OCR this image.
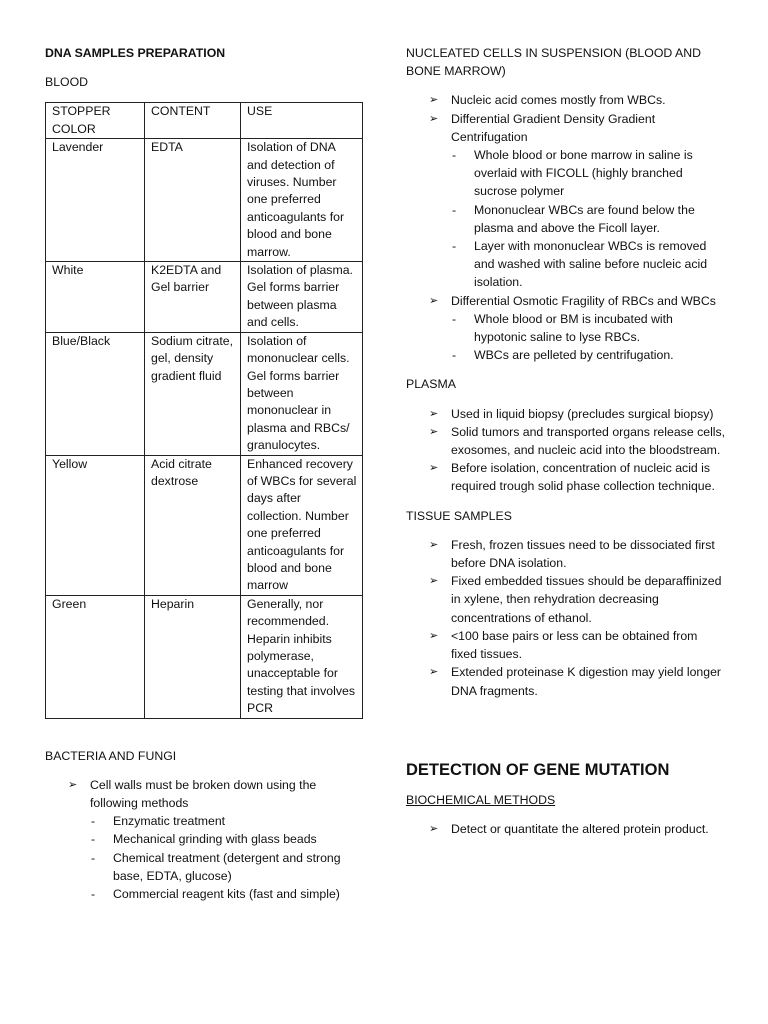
DNA SAMPLES PREPARATION
BLOOD
STOPPER COLOR	CONTENT	USE
Lavender	EDTA	Isolation of DNA and detection of viruses. Number one preferred anticoagulants for blood and bone marrow.
White	K2EDTA and Gel barrier	Isolation of plasma. Gel forms barrier between plasma and cells.
Blue/Black	Sodium citrate, gel, density gradient fluid	Isolation of mononuclear cells. Gel forms barrier between mononuclear in plasma and RBCs/ granulocytes.
Yellow	Acid citrate dextrose	Enhanced recovery of WBCs for several days after collection. Number one preferred anticoagulants for blood and bone marrow
Green	Heparin	Generally, nor recommended. Heparin inhibits polymerase, unacceptable for testing that involves PCR
BACTERIA AND FUNGI
➢ Cell walls must be broken down using the following methods
- Enzymatic treatment
- Mechanical grinding with glass beads
- Chemical treatment (detergent and strong base, EDTA, glucose)
- Commercial reagent kits (fast and simple)
NUCLEATED CELLS IN SUSPENSION (BLOOD AND BONE MARROW)
➢ Nucleic acid comes mostly from WBCs.
➢ Differential Gradient Density Gradient Centrifugation
- Whole blood or bone marrow in saline is overlaid with FICOLL (highly branched sucrose polymer
- Mononuclear WBCs are found below the plasma and above the Ficoll layer.
- Layer with mononuclear WBCs is removed and washed with saline before nucleic acid isolation.
➢ Differential Osmotic Fragility of RBCs and WBCs
- Whole blood or BM is incubated with hypotonic saline to lyse RBCs.
- WBCs are pelleted by centrifugation.
PLASMA
➢ Used in liquid biopsy (precludes surgical biopsy)
➢ Solid tumors and transported organs release cells, exosomes, and nucleic acid into the bloodstream.
➢ Before isolation, concentration of nucleic acid is required trough solid phase collection technique.
TISSUE SAMPLES
➢ Fresh, frozen tissues need to be dissociated first before DNA isolation.
➢ Fixed embedded tissues should be deparaffinized in xylene, then rehydration decreasing concentrations of ethanol.
➢ <100 base pairs or less can be obtained from fixed tissues.
➢ Extended proteinase K digestion may yield longer DNA fragments.
DETECTION OF GENE MUTATION
BIOCHEMICAL METHODS
➢ Detect or quantitate the altered protein product.
